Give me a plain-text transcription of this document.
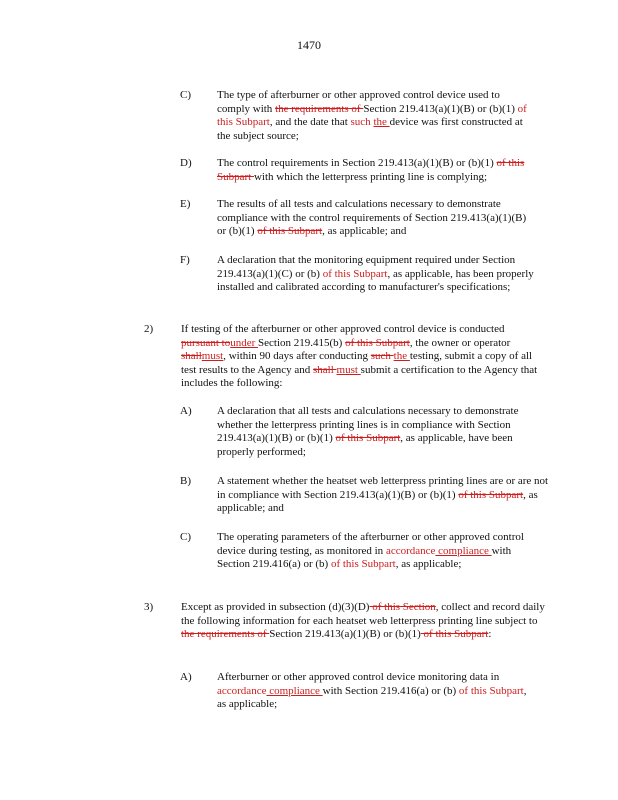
1470
C) The type of afterburner or other approved control device used to comply with the requirements of Section 219.413(a)(1)(B) or (b)(1) of this Subpart, and the date that such the device was first constructed at the subject source;
D) The control requirements in Section 219.413(a)(1)(B) or (b)(1) of this Subpart with which the letterpress printing line is complying;
E) The results of all tests and calculations necessary to demonstrate compliance with the control requirements of Section 219.413(a)(1)(B) or (b)(1) of this Subpart, as applicable; and
F) A declaration that the monitoring equipment required under Section 219.413(a)(1)(C) or (b) of this Subpart, as applicable, has been properly installed and calibrated according to manufacturer's specifications;
2)	If testing of the afterburner or other approved control device is conducted pursuant tounder Section 219.415(b) of this Subpart, the owner or operator shallmust, within 90 days after conducting such the testing, submit a copy of all test results to the Agency and shall must submit a certification to the Agency that includes the following:
A) A declaration that all tests and calculations necessary to demonstrate whether the letterpress printing lines is in compliance with Section 219.413(a)(1)(B) or (b)(1) of this Subpart, as applicable, have been properly performed;
B) A statement whether the heatset web letterpress printing lines are or are not in compliance with Section 219.413(a)(1)(B) or (b)(1) of this Subpart, as applicable; and
C) The operating parameters of the afterburner or other approved control device during testing, as monitored in accordance compliance with Section 219.416(a) or (b) of this Subpart, as applicable;
3)	Except as provided in subsection (d)(3)(D) of this Section, collect and record daily the following information for each heatset web letterpress printing line subject to the requirements of Section 219.413(a)(1)(B) or (b)(1) of this Subpart:
A) Afterburner or other approved control device monitoring data in accordance compliance with Section 219.416(a) or (b) of this Subpart, as applicable;
